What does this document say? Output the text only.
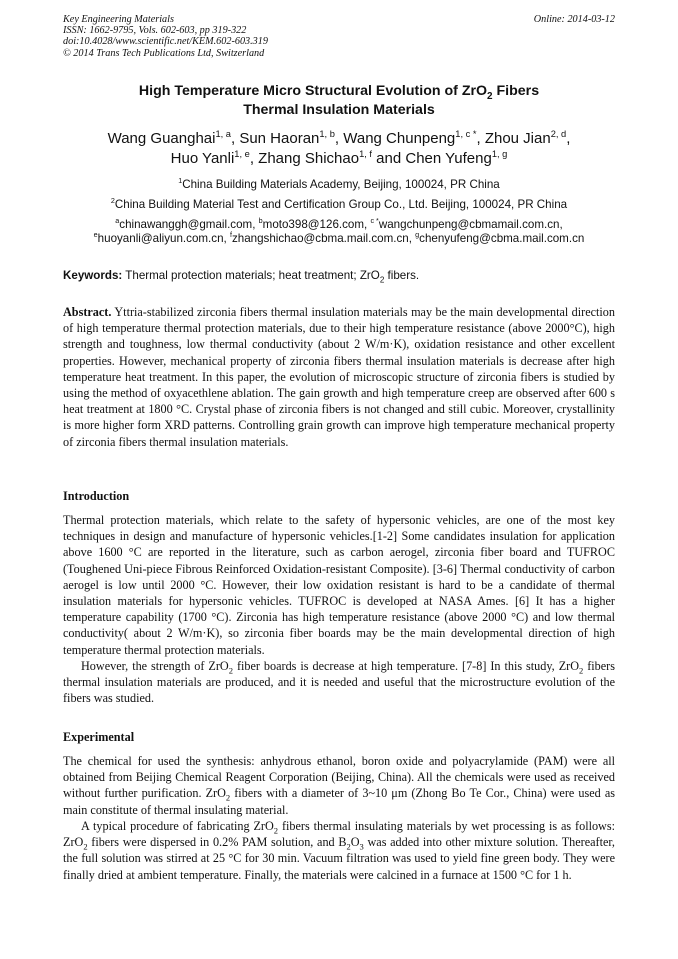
Key Engineering Materials
ISSN: 1662-9795, Vols. 602-603, pp 319-322
doi:10.4028/www.scientific.net/KEM.602-603.319
© 2014 Trans Tech Publications Ltd, Switzerland
Online: 2014-03-12
High Temperature Micro Structural Evolution of ZrO$_2$ Fibers
Thermal Insulation Materials
Wang Guanghai$^{1, a}$, Sun Haoran$^{1, b}$, Wang Chunpeng$^{1, c *}$, Zhou Jian$^{2, d}$,
Huo Yanli$^{1, e}$, Zhang Shichao$^{1, f}$ and Chen Yufeng$^{1, g}$
$^1$China Building Materials Academy, Beijing, 100024, PR China
$^2$China Building Material Test and Certification Group Co., Ltd. Beijing, 100024, PR China
$^a$chinawanggh@gmail.com, $^b$moto398@126.com, $^{c *}$wangchunpeng@cbmamail.com.cn,
$^e$huoyanli@aliyun.com.cn, $^f$zhangshichao@cbma.mail.com.cn, $^g$chenyufeng@cbma.mail.com.cn
Keywords: Thermal protection materials; heat treatment; ZrO$_2$ fibers.
Abstract. Yttria-stabilized zirconia fibers thermal insulation materials may be the main developmental direction of high temperature thermal protection materials, due to their high temperature resistance (above 2000°C), high strength and toughness, low thermal conductivity (about 2 W/m·K), oxidation resistance and other excellent properties. However, mechanical property of zirconia fibers thermal insulation materials is decrease after high temperature heat treatment. In this paper, the evolution of microscopic structure of zirconia fibers is studied by using the method of oxyacethlene ablation. The gain growth and high temperature creep are observed after 600 s heat treatment at 1800 °C. Crystal phase of zirconia fibers is not changed and still cubic. Moreover, crystallinity is more higher form XRD patterns. Controlling grain growth can improve high temperature mechanical property of zirconia fibers thermal insulation materials.
Introduction
Thermal protection materials, which relate to the safety of hypersonic vehicles, are one of the most key techniques in design and manufacture of hypersonic vehicles.[1-2] Some candidates insulation for application above 1600 °C are reported in the literature, such as carbon aerogel, zirconia fiber board and TUFROC (Toughened Uni-piece Fibrous Reinforced Oxidation-resistant Composite). [3-6] Thermal conductivity of carbon aerogel is low until 2000 °C. However, their low oxidation resistant is hard to be a candidate of thermal insulation materials for hypersonic vehicles. TUFROC is developed at NASA Ames. [6] It has a higher temperature capability (1700 °C). Zirconia has high temperature resistance (above 2000 °C) and low thermal conductivity( about 2 W/m·K), so zirconia fiber boards may be the main developmental direction of high temperature thermal protection materials.
However, the strength of ZrO$_2$ fiber boards is decrease at high temperature. [7-8] In this study, ZrO$_2$ fibers thermal insulation materials are produced, and it is needed and useful that the microstructure evolution of the fibers was studied.
Experimental
The chemical for used the synthesis: anhydrous ethanol, boron oxide and polyacrylamide (PAM) were all obtained from Beijing Chemical Reagent Corporation (Beijing, China). All the chemicals were used as received without further purification. ZrO$_2$ fibers with a diameter of 3~10 μm (Zhong Bo Te Cor., China) were used as main constitute of thermal insulating material.
A typical procedure of fabricating ZrO$_2$ fibers thermal insulating materials by wet processing is as follows: ZrO$_2$ fibers were dispersed in 0.2% PAM solution, and $B_2O_3$ was added into other mixture solution. Thereafter, the full solution was stirred at 25 °C for 30 min. Vacuum filtration was used to yield fine green body. They were finally dried at ambient temperature. Finally, the materials were calcined in a furnace at 1500 °C for 1 h.
